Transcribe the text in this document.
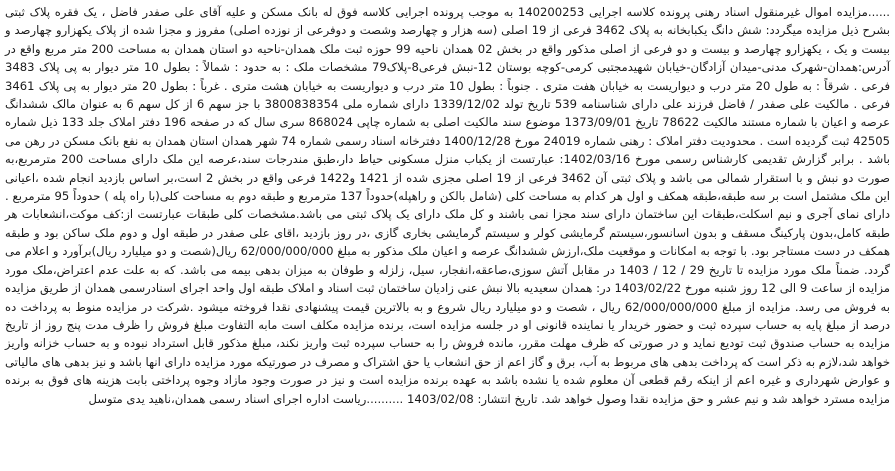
......مزایده اموال غیرمنقول اسناد رهنی پرونده کلاسه اجرایی 140200253 به موجب پرونده اجرایی کلاسه فوق له بانک مسکن و علیه آقای علی صفدر فاضل ، یک فقره پلاک ثبتی بشرح ذیل مزایده میگردد: شش دانگ یکبابخانه به پلاک 3462 فرعی از 19 اصلی (سه هزار و چهارصد وشصت و دوفرعی از نوزده اصلی) مفروز و مجزا شده از پلاک یکهزارو چهارصد و بیست و یک ، یکهزارو چهارصد و بیست و دو فرعی از اصلی مذکور واقع در بخش 02 همدان ناحیه 99 حوزه ثبت ملک همدان-ناحیه دو استان همدان به مساحت 200 متر مربع واقع در آدرس:همدان-شهرک مدنی-میدان آزادگان-خیابان شهیدمجتبی کرمی-کوچه بوستان 12-نبش فرعی8-پلاک79 مشخصات ملک : به حدود : شمالاً : بطول 10 متر دیوار به پی پلاک 3483 فرعی . شرقاً : به طول 20 متر درب و دیواریست به خیابان هفت متری . جنوباً : بطول 10 متر درب و دیواریست به خیابان هشت متری . غرباً : بطول 20 متر دیوار به پی پلاک 3461 فرعی . مالکیت علی صفدر / فاضل فرزند علی دارای شناسنامه 539 تاریخ تولد 1339/12/02 دارای شماره ملی 3800838354 با جز سهم 6 از کل سهم 6 به عنوان مالک ششدانگ عرصه و اعیان با شماره مستند مالکیت 78622 تاریخ 1373/09/01 موضوع سند مالکیت اصلی به شماره چاپی 868024 سری سال که در صفحه 196 دفتر املاک جلد 133 ذیل شماره 42505 ثبت گردیده است . محدودیت دفتر املاک : رهنی شماره 24019 مورخ 1400/12/28 دفترخانه اسناد رسمی شماره 74 شهر همدان استان همدان به نفع بانک مسکن در رهن می باشد . برابر گزارش تقدیمی کارشناس رسمی مورخ 1402/03/16: عبارتست از یکباب منزل مسکونی حیاط دار،طبق مندرجات سند،عرصه این ملک دارای مساحت 200 مترمربع،به صورت دو نبش و با استقرار شمالی می باشد و پلاک ثبتی آن 3462 فرعی از 19 اصلی مجزی شده از 1421 و1422 فرعی واقع در بخش 2 است،بر اساس بازدید انجام شده ،اعیانی این ملک مشتمل است بر سه طبقه،طبقه همکف و اول هر کدام به مساحت کلی (شامل بالکن و راهپله)حدوداً 137 مترمربع و طبقه دوم به مساحت کلی(با راه پله ) حدوداً 95 مترمربع . دارای نمای آجری و نیم اسکلت،طبقات این ساختمان دارای سند مجزا نمی باشند و کل ملک دارای یک پلاک ثبتی می باشد.مشخصات کلی طبقات عبارتست از:کف موکت،انشعابات هر طبقه کامل،بدون پارکینگ مسقف و بدون اسانسور،سیستم گرمایشی کولر و سیستم گرمایشی بخاری گازی ،در روز بازدید ،اقای علی صفدر در طبقه اول و دوم ملک ساکن بود و طبقه همکف در دست مستاجر بود. با توجه به امکانات و موقعیت ملک،ارزش ششدانگ عرصه و اعیان ملک مذکور به مبلغ 62/000/000/000 ریال(شصت و دو میلیارد ریال)برآورد و اعلام می گردد. ضمناً ملک مورد مزایده تا تاریخ 29 / 12 / 1403 در مقابل آتش سوزی،صاعقه،انفجار، سیل، زلزله و طوفان به میزان بدهی بیمه می باشد. که به علت عدم اعتراض،ملک مورد مزایده از ساعت 9 الی 12 روز شنبه مورخ 1403/02/22 در: همدان سعیدیه بالا نبش عنی زادیان ساختمان ثبت اسناد و املاک طبقه اول واحد اجرای اسنادرسمی همدان از طریق مزایده به فروش می رسد. مزایده از مبلغ 62/000/000/000 ریال ، شصت و دو میلیارد ریال شروع و به بالاترین قیمت پیشنهادی نقدا فروخته میشود .شرکت در مزایده منوط به پرداخت ده درصد از مبلغ پایه به حساب سپرده ثبت و حضور خریدار یا نماینده قانونی او در جلسه مزایده است، برنده مزایده مکلف است مابه التفاوت مبلغ فروش را ظرف مدت پنج روز از تاریخ مزایده به حساب صندوق ثبت تودیع نماید و در صورتی که ظرف مهلت مقرر، مانده فروش را به حساب سپرده ثبت واریز نکند، مبلغ مذکور قابل استرداد نبوده و به حساب خزانه واریز خواهد شد،لازم به ذکر است که پرداخت بدهی های مربوط به آب، برق و گاز اعم از حق انشعاب یا حق اشتراک و مصرف در صورتیکه مورد مزایده دارای انها باشد و نیز بدهی های مالیاتی و عوارض شهرداری و غیره اعم از اینکه رقم قطعی آن معلوم شده یا نشده باشد به عهده برنده مزایده است و نیز در صورت وجود مازاد وجوه پرداختی بابت هزینه های فوق به برنده مزایده مسترد خواهد شد و نیم عشر و حق مزایده نقدا وصول خواهد شد. تاریخ انتشار: 1403/02/08 ..........ریاست اداره اجرای اسناد رسمی همدان،ناهید یدی متوسل
